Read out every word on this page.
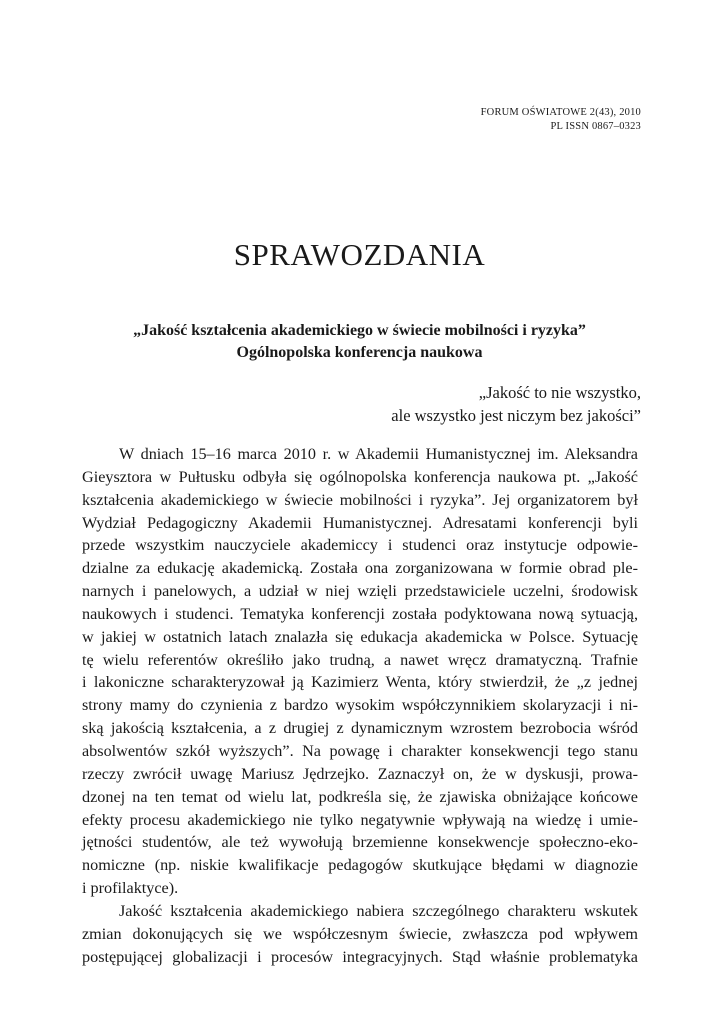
FORUM OŚWIATOWE 2(43), 2010
PL ISSN 0867–0323
SPRAWOZDANIA
„Jakość kształcenia akademickiego w świecie mobilności i ryzyka”
Ogólnopolska konferencja naukowa
„Jakość to nie wszystko,
ale wszystko jest niczym bez jakości”
W dniach 15–16 marca 2010 r. w Akademii Humanistycznej im. Aleksandra
Gieysztora w Pułtusku odbyła się ogólnopolska konferencja naukowa pt. „Jakość
kształcenia akademickiego w świecie mobilności i ryzyka”. Jej organizatorem był
Wydział Pedagogiczny Akademii Humanistycznej. Adresatami konferencji byli
przede wszystkim nauczyciele akademiccy i studenci oraz instytucje odpowie-
dzialne za edukację akademicką. Została ona zorganizowana w formie obrad ple-
narnych i panelowych, a udział w niej wzięli przedstawiciele uczelni, środowisk
naukowych i studenci. Tematyka konferencji została podyktowana nową sytuacją,
w jakiej w ostatnich latach znalazła się edukacja akademicka w Polsce. Sytuację
tę wielu referentów określiło jako trudną, a nawet wręcz dramatyczną. Trafnie
i lakoniczne scharakteryzował ją Kazimierz Wenta, który stwierdził, że „z jednej
strony mamy do czynienia z bardzo wysokim współczynnikiem skolaryzacji i ni-
ską jakością kształcenia, a z drugiej z dynamicznym wzrostem bezrobocia wśród
absolwentów szkół wyższych”. Na powagę i charakter konsekwencji tego stanu
rzeczy zwrócił uwagę Mariusz Jędrzejko. Zaznaczył on, że w dyskusji, prowa-
dzonej na ten temat od wielu lat, podkreśla się, że zjawiska obniżające końcowe
efekty procesu akademickiego nie tylko negatywnie wpływają na wiedzę i umie-
jętności studentów, ale też wywołują brzemienne konsekwencje społeczno-eko-
nomiczne (np. niskie kwalifikacje pedagogów skutkujące błędami w diagnozie
i profilaktyce).
Jakość kształcenia akademickiego nabiera szczególnego charakteru wskutek
zmian dokonujących się we współczesnym świecie, zwłaszcza pod wpływem
postępującej globalizacji i procesów integracyjnych. Stąd właśnie problematyka
